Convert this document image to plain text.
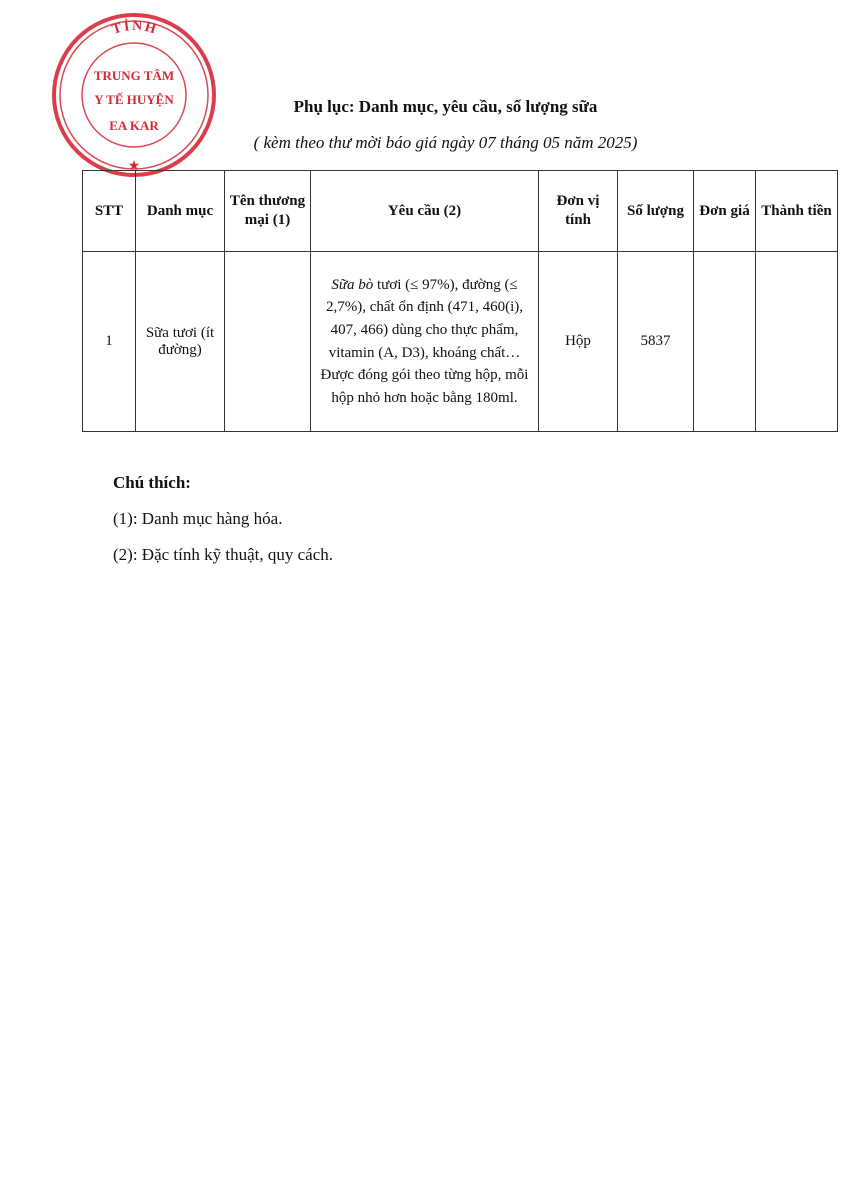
TỈNH
TRUNG TÂM
Y TẾ HUYỆN
EA KAR
★
Phụ lục: Danh mục, yêu cầu, số lượng sữa
( kèm theo thư mời báo giá ngày 07 tháng 05 năm 2025)
STT	Danh mục	Tên thương mại (1)	Yêu cầu (2)	Đơn vị tính	Số lượng	Đơn giá	Thành tiền
1	Sữa tươi (ít đường)		Sữa bò tươi (≤ 97%), đường (≤ 2,7%), chất ổn định (471, 460(i), 407, 466) dùng cho thực phẩm, vitamin (A, D3), khoáng chất…
Được đóng gói theo từng hộp, mỗi hộp nhỏ hơn hoặc bằng 180ml.	Hộp	5837		
Chú thích:
(1): Danh mục hàng hóa.
(2): Đặc tính kỹ thuật, quy cách.
